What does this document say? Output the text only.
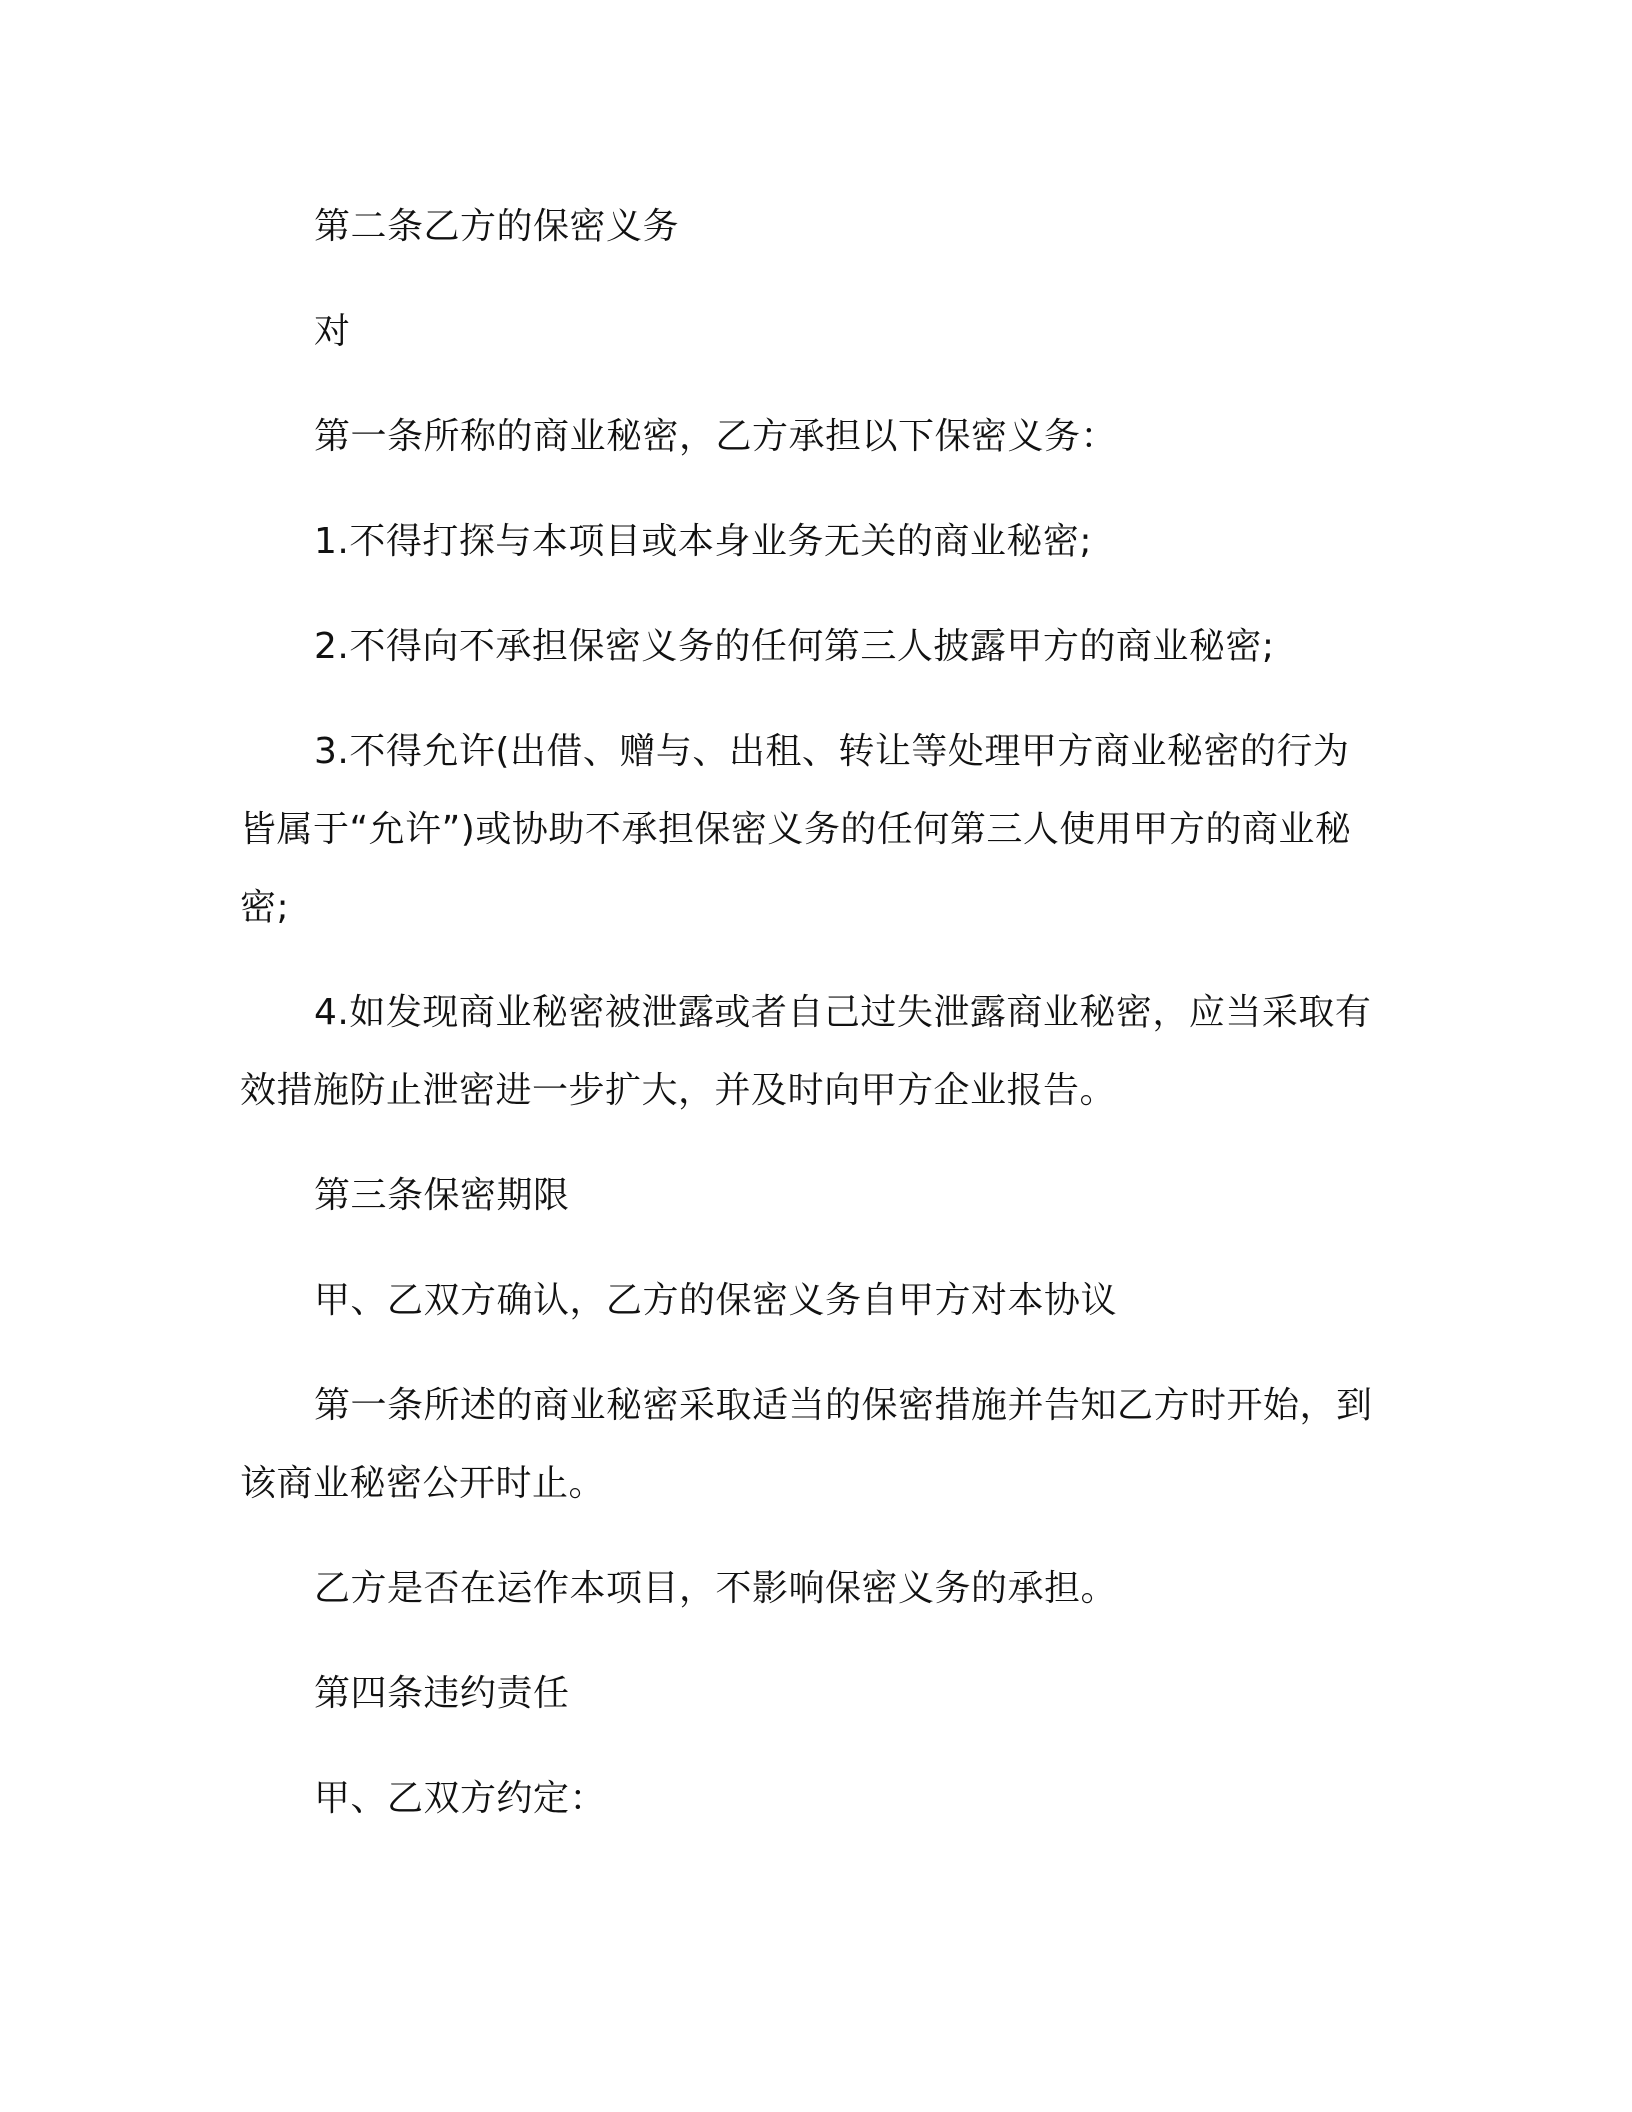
第二条乙方的保密义务

对

第一条所称的商业秘密，乙方承担以下保密义务：

1.不得打探与本项目或本身业务无关的商业秘密;

2.不得向不承担保密义务的任何第三人披露甲方的商业秘密;

3.不得允许(出借、赠与、出租、转让等处理甲方商业秘密的行为皆属于“允许”)或协助不承担保密义务的任何第三人使用甲方的商业秘密;

4.如发现商业秘密被泄露或者自己过失泄露商业秘密，应当采取有效措施防止泄密进一步扩大，并及时向甲方企业报告。

第三条保密期限

甲、乙双方确认，乙方的保密义务自甲方对本协议

第一条所述的商业秘密采取适当的保密措施并告知乙方时开始，到该商业秘密公开时止。

乙方是否在运作本项目，不影响保密义务的承担。

第四条违约责任

甲、乙双方约定：
